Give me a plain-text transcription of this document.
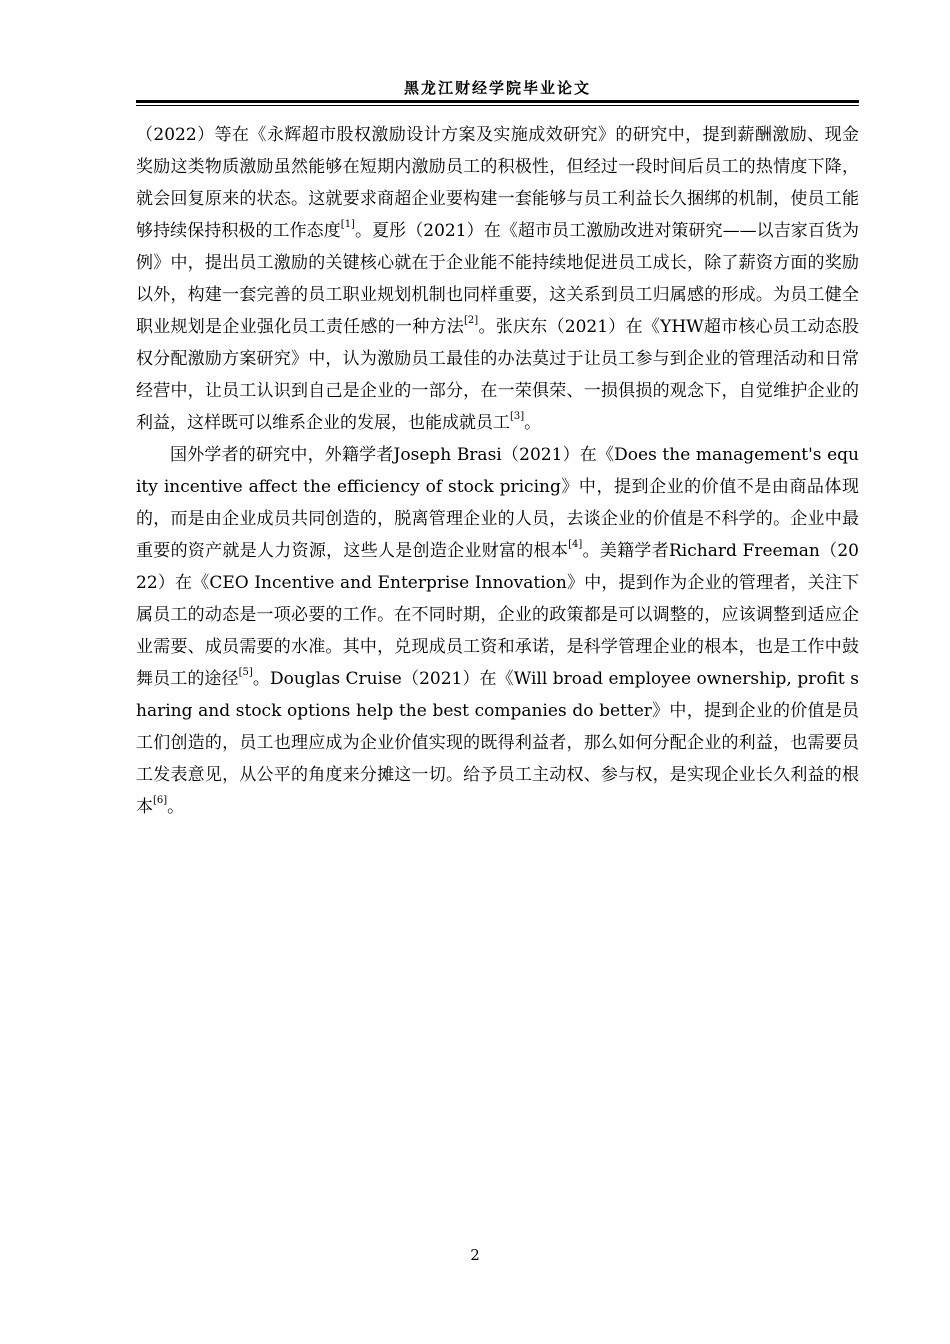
黑龙江财经学院毕业论文

（2022）等在《永辉超市股权激励设计方案及实施成效研究》的研究中，提到薪酬激励、现金奖励这类物质激励虽然能够在短期内激励员工的积极性，但经过一段时间后员工的热情度下降，就会回复原来的状态。这就要求商超企业要构建一套能够与员工利益长久捆绑的机制，使员工能够持续保持积极的工作态度[1]。夏彤（2021）在《超市员工激励改进对策研究——以吉家百货为例》中，提出员工激励的关键核心就在于企业能不能持续地促进员工成长，除了薪资方面的奖励以外，构建一套完善的员工职业规划机制也同样重要，这关系到员工归属感的形成。为员工健全职业规划是企业强化员工责任感的一种方法[2]。张庆东（2021）在《YHW超市核心员工动态股权分配激励方案研究》中，认为激励员工最佳的办法莫过于让员工参与到企业的管理活动和日常经营中，让员工认识到自己是企业的一部分，在一荣俱荣、一损俱损的观念下，自觉维护企业的利益，这样既可以维系企业的发展，也能成就员工[3]。

国外学者的研究中，外籍学者Joseph Brasi（2021）在《Does the management's equity incentive affect the efficiency of stock pricing》中，提到企业的价值不是由商品体现的，而是由企业成员共同创造的，脱离管理企业的人员，去谈企业的价值是不科学的。企业中最重要的资产就是人力资源，这些人是创造企业财富的根本[4]。美籍学者Richard Freeman（2022）在《CEO Incentive and Enterprise Innovation》中，提到作为企业的管理者，关注下属员工的动态是一项必要的工作。在不同时期，企业的政策都是可以调整的，应该调整到适应企业需要、成员需要的水准。其中，兑现成员工资和承诺，是科学管理企业的根本，也是工作中鼓舞员工的途径[5]。Douglas Cruise（2021）在《Will broad employee ownership, profit sharing and stock options help the best companies do better》中，提到企业的价值是员工们创造的，员工也理应成为企业价值实现的既得利益者，那么如何分配企业的利益，也需要员工发表意见，从公平的角度来分摊这一切。给予员工主动权、参与权，是实现企业长久利益的根本[6]。

2
